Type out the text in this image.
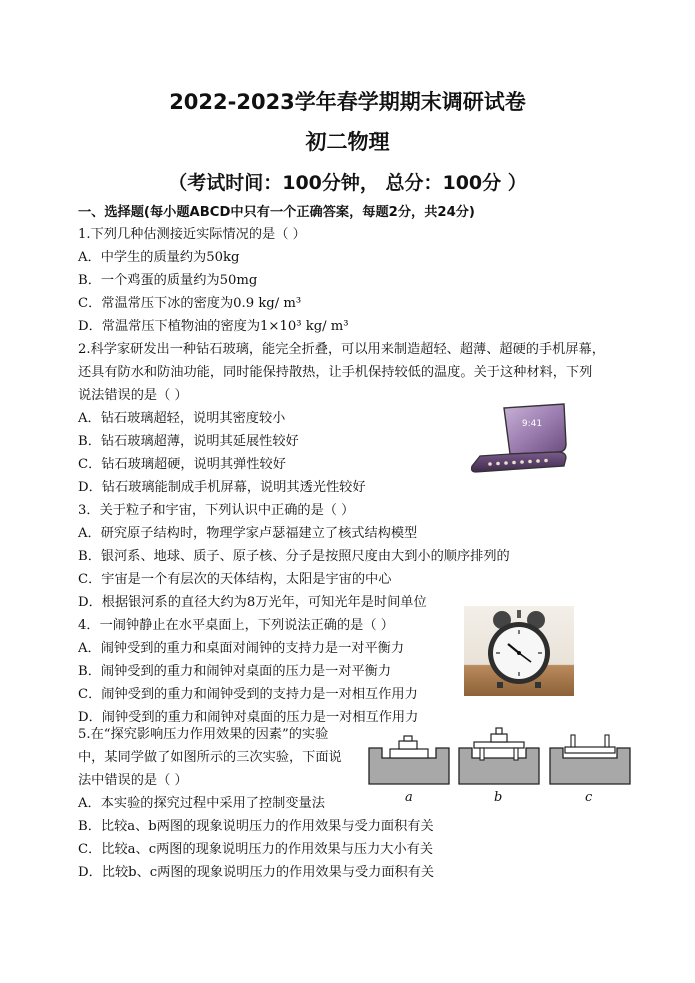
2022-2023学年春学期期末调研试卷
初二物理
（考试时间：100分钟， 总分：100分 ）
一、选择题(每小题ABCD中只有一个正确答案，每题2分，共24分)
1.下列几种估测接近实际情况的是（ ）
A．中学生的质量约为50kg
B．一个鸡蛋的质量约为50mg
C．常温常压下冰的密度为0.9 kg/ m³
D．常温常压下植物油的密度为1×10³ kg/ m³
2.科学家研发出一种钻石玻璃，能完全折叠，可以用来制造超轻、超薄、超硬的手机屏幕，
还具有防水和防油功能，同时能保持散热，让手机保持较低的温度。关于这种材料，下列
说法错误的是（ ）
A．钻石玻璃超轻，说明其密度较小
B．钻石玻璃超薄，说明其延展性较好
C．钻石玻璃超硬，说明其弹性较好
D．钻石玻璃能制成手机屏幕，说明其透光性较好
9:41
3．关于粒子和宇宙，下列认识中正确的是（ ）
A．研究原子结构时，物理学家卢瑟福建立了核式结构模型
B．银河系、地球、质子、原子核、分子是按照尺度由大到小的顺序排列的
C．宇宙是一个有层次的天体结构，太阳是宇宙的中心
D．根据银河系的直径大约为8万光年，可知光年是时间单位
4．一闹钟静止在水平桌面上，下列说法正确的是（ ）
A．闹钟受到的重力和桌面对闹钟的支持力是一对平衡力
B．闹钟受到的重力和闹钟对桌面的压力是一对平衡力
C．闹钟受到的重力和闹钟受到的支持力是一对相互作用力
D．闹钟受到的重力和闹钟对桌面的压力是一对相互作用力
5.在“探究影响压力作用效果的因素”的实验
中，某同学做了如图所示的三次实验，下面说
法中错误的是（ ）
A．本实验的探究过程中采用了控制变量法
B．比较a、b两图的现象说明压力的作用效果与受力面积有关
C．比较a、c两图的现象说明压力的作用效果与压力大小有关
D．比较b、c两图的现象说明压力的作用效果与受力面积有关
a	b	c
